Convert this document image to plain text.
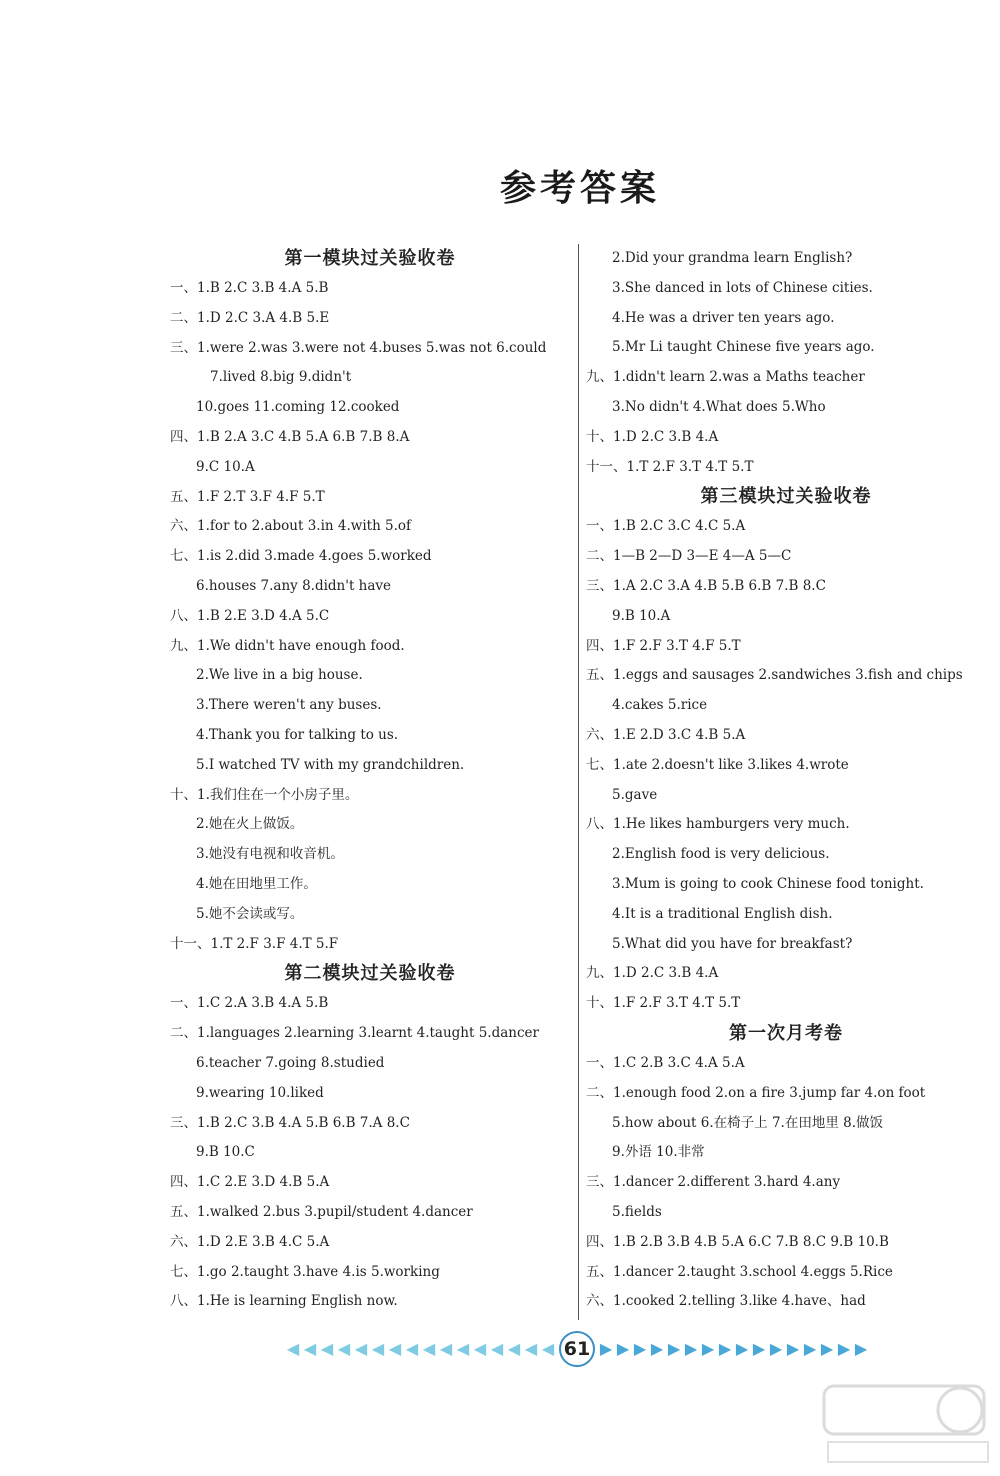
参考答案
第一模块过关验收卷
一、1.B 2.C 3.B 4.A 5.B
二、1.D 2.C 3.A 4.B 5.E
三、1.were 2.was 3.were not 4.buses 5.was not 6.could
7.lived 8.big 9.didn't
10.goes 11.coming 12.cooked
四、1.B 2.A 3.C 4.B 5.A 6.B 7.B 8.A
9.C 10.A
五、1.F 2.T 3.F 4.F 5.T
六、1.for to 2.about 3.in 4.with 5.of
七、1.is 2.did 3.made 4.goes 5.worked
6.houses 7.any 8.didn't have
八、1.B 2.E 3.D 4.A 5.C
九、1.We didn't have enough food.
2.We live in a big house.
3.There weren't any buses.
4.Thank you for talking to us.
5.I watched TV with my grandchildren.
十、1.我们住在一个小房子里。
2.她在火上做饭。
3.她没有电视和收音机。
4.她在田地里工作。
5.她不会读或写。
十一、1.T 2.F 3.F 4.T 5.F
第二模块过关验收卷
一、1.C 2.A 3.B 4.A 5.B
二、1.languages 2.learning 3.learnt 4.taught 5.dancer
6.teacher 7.going 8.studied
9.wearing 10.liked
三、1.B 2.C 3.B 4.A 5.B 6.B 7.A 8.C
9.B 10.C
四、1.C 2.E 3.D 4.B 5.A
五、1.walked 2.bus 3.pupil/student 4.dancer
六、1.D 2.E 3.B 4.C 5.A
七、1.go 2.taught 3.have 4.is 5.working
八、1.He is learning English now.
2.Did your grandma learn English?
3.She danced in lots of Chinese cities.
4.He was a driver ten years ago.
5.Mr Li taught Chinese five years ago.
九、1.didn't learn 2.was a Maths teacher
3.No didn't 4.What does 5.Who
十、1.D 2.C 3.B 4.A
十一、1.T 2.F 3.T 4.T 5.T
第三模块过关验收卷
一、1.B 2.C 3.C 4.C 5.A
二、1—B 2—D 3—E 4—A 5—C
三、1.A 2.C 3.A 4.B 5.B 6.B 7.B 8.C
9.B 10.A
四、1.F 2.F 3.T 4.F 5.T
五、1.eggs and sausages 2.sandwiches 3.fish and chips
4.cakes 5.rice
六、1.E 2.D 3.C 4.B 5.A
七、1.ate 2.doesn't like 3.likes 4.wrote
5.gave
八、1.He likes hamburgers very much.
2.English food is very delicious.
3.Mum is going to cook Chinese food tonight.
4.It is a traditional English dish.
5.What did you have for breakfast?
九、1.D 2.C 3.B 4.A
十、1.F 2.F 3.T 4.T 5.T
第一次月考卷
一、1.C 2.B 3.C 4.A 5.A
二、1.enough food 2.on a fire 3.jump far 4.on foot
5.how about 6.在椅子上 7.在田地里 8.做饭
9.外语 10.非常
三、1.dancer 2.different 3.hard 4.any
5.fields
四、1.B 2.B 3.B 4.B 5.A 6.C 7.B 8.C 9.B 10.B
五、1.dancer 2.taught 3.school 4.eggs 5.Rice
六、1.cooked 2.telling 3.like 4.have、had
◀ ◀ ◀ ◀ ◀ ◀ ◀ ◀ ◀ ◀ ◀ ◀ ◀ ◀ ◀ ◀ 61 ▶ ▶ ▶ ▶ ▶ ▶ ▶ ▶ ▶ ▶ ▶ ▶ ▶ ▶ ▶ ▶
